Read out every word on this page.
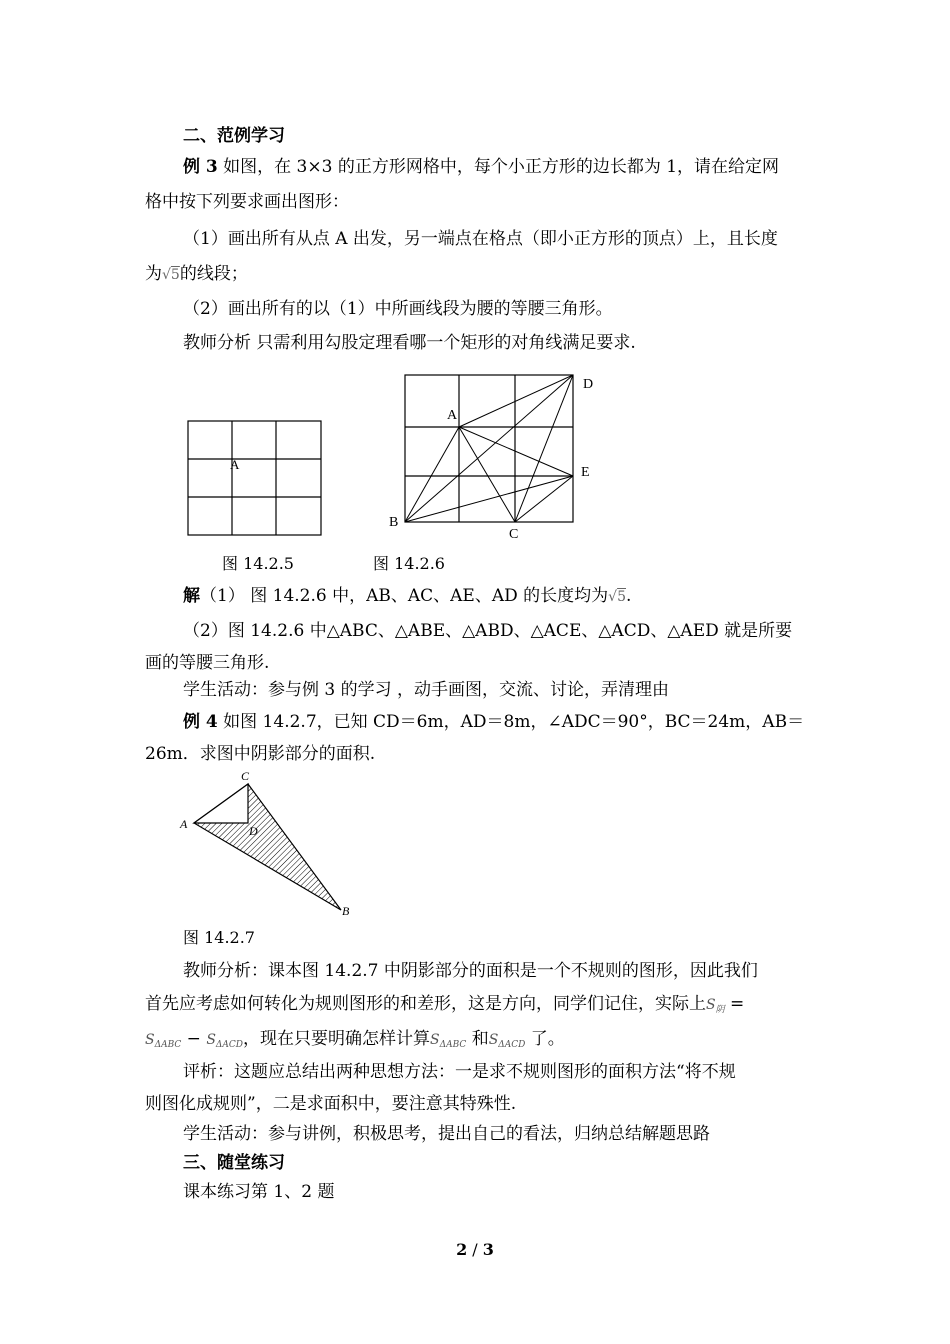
二、范例学习
例 3 如图，在 3×3 的正方形网格中，每个小正方形的边长都为 1，请在给定网
格中按下列要求画出图形：
（1）画出所有从点 A 出发，另一端点在格点（即小正方形的顶点）上，且长度
为√5的线段；
（2）画出所有的以（1）中所画线段为腰的等腰三角形。
教师分析 只需利用勾股定理看哪一个矩形的对角线满足要求.
A
A
B
C
D
E
图 14.2.5	图 14.2.6
解（1） 图 14.2.6 中，AB、AC、AE、AD 的长度均为√5.
（2）图 14.2.6 中△ABC、△ABE、△ABD、△ACE、△ACD、△AED 就是所要
画的等腰三角形.
学生活动：参与例 3 的学习 ，动手画图，交流、讨论，弄清理由
例 4 如图 14.2.7，已知 CD＝6m，AD＝8m，∠ADC＝90°，BC＝24m，AB＝
26m．求图中阴影部分的面积.
C
A	D
B
图 14.2.7
教师分析：课本图 14.2.7 中阴影部分的面积是一个不规则的图形，因此我们
首先应考虑如何转化为规则图形的和差形，这是方向，同学们记住，实际上$S_阴$ =
$S_{\Delta ABC} - S_{\Delta ACD}$，现在只要明确怎样计算$S_{\Delta ABC}$ 和$S_{\Delta ACD}$ 了。
评析：这题应总结出两种思想方法：一是求不规则图形的面积方法“将不规
则图化成规则”，二是求面积中，要注意其特殊性.
学生活动：参与讲例，积极思考，提出自己的看法，归纳总结解题思路
三、随堂练习
课本练习第 1、2 题
2 / 3
